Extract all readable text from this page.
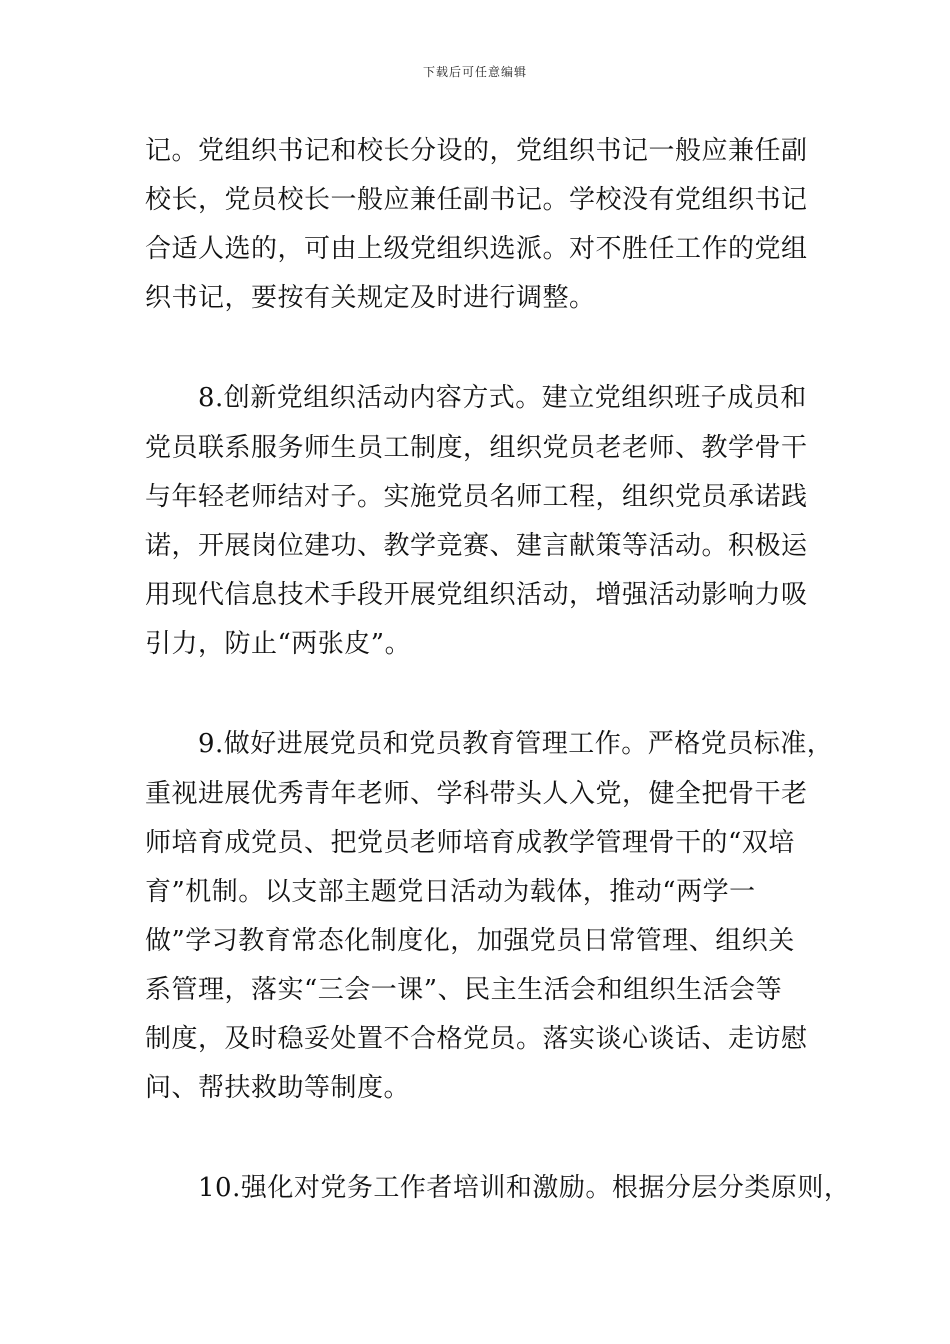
下载后可任意编辑
记。党组织书记和校长分设的，党组织书记一般应兼任副
校长，党员校长一般应兼任副书记。学校没有党组织书记
合适人选的，可由上级党组织选派。对不胜任工作的党组
织书记，要按有关规定及时进行调整。
8.创新党组织活动内容方式。建立党组织班子成员和
党员联系服务师生员工制度，组织党员老老师、教学骨干
与年轻老师结对子。实施党员名师工程，组织党员承诺践
诺，开展岗位建功、教学竞赛、建言献策等活动。积极运
用现代信息技术手段开展党组织活动，增强活动影响力吸
引力，防止“两张皮”。
9.做好进展党员和党员教育管理工作。严格党员标准，
重视进展优秀青年老师、学科带头人入党，健全把骨干老
师培育成党员、把党员老师培育成教学管理骨干的“双培
育”机制。以支部主题党日活动为载体，推动“两学一
做”学习教育常态化制度化，加强党员日常管理、组织关
系管理，落实“三会一课”、民主生活会和组织生活会等
制度，及时稳妥处置不合格党员。落实谈心谈话、走访慰
问、帮扶救助等制度。
10.强化对党务工作者培训和激励。根据分层分类原则，
